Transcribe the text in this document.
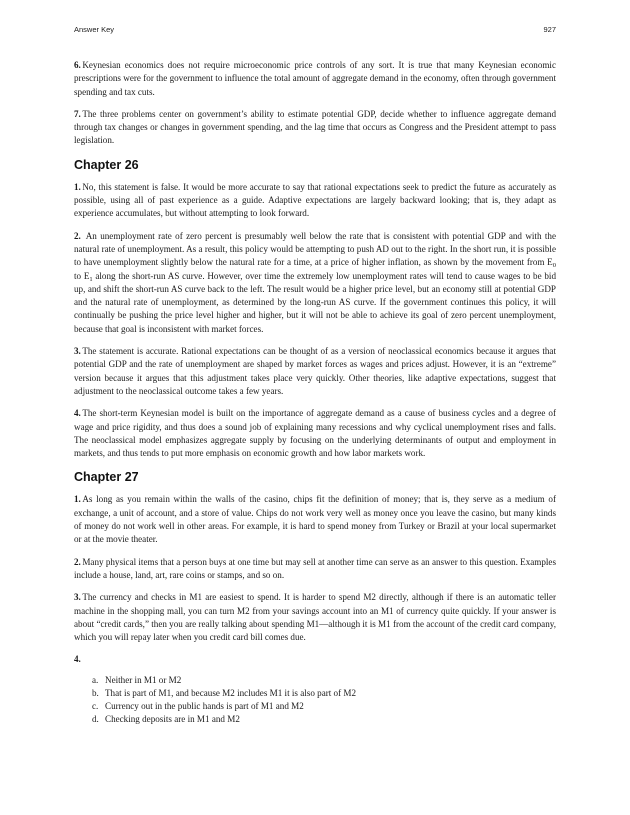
Answer Key	927

6. Keynesian economics does not require microeconomic price controls of any sort. It is true that many Keynesian economic prescriptions were for the government to influence the total amount of aggregate demand in the economy, often through government spending and tax cuts.

7. The three problems center on government’s ability to estimate potential GDP, decide whether to influence aggregate demand through tax changes or changes in government spending, and the lag time that occurs as Congress and the President attempt to pass legislation.

Chapter 26

1. No, this statement is false. It would be more accurate to say that rational expectations seek to predict the future as accurately as possible, using all of past experience as a guide. Adaptive expectations are largely backward looking; that is, they adapt as experience accumulates, but without attempting to look forward.

2. An unemployment rate of zero percent is presumably well below the rate that is consistent with potential GDP and with the natural rate of unemployment. As a result, this policy would be attempting to push AD out to the right. In the short run, it is possible to have unemployment slightly below the natural rate for a time, at a price of higher inflation, as shown by the movement from $E_0$ to $E_1$ along the short-run AS curve. However, over time the extremely low unemployment rates will tend to cause wages to be bid up, and shift the short-run AS curve back to the left. The result would be a higher price level, but an economy still at potential GDP and the natural rate of unemployment, as determined by the long-run AS curve. If the government continues this policy, it will continually be pushing the price level higher and higher, but it will not be able to achieve its goal of zero percent unemployment, because that goal is inconsistent with market forces.

3. The statement is accurate. Rational expectations can be thought of as a version of neoclassical economics because it argues that potential GDP and the rate of unemployment are shaped by market forces as wages and prices adjust. However, it is an “extreme” version because it argues that this adjustment takes place very quickly. Other theories, like adaptive expectations, suggest that adjustment to the neoclassical outcome takes a few years.

4. The short-term Keynesian model is built on the importance of aggregate demand as a cause of business cycles and a degree of wage and price rigidity, and thus does a sound job of explaining many recessions and why cyclical unemployment rises and falls. The neoclassical model emphasizes aggregate supply by focusing on the underlying determinants of output and employment in markets, and thus tends to put more emphasis on economic growth and how labor markets work.

Chapter 27

1. As long as you remain within the walls of the casino, chips fit the definition of money; that is, they serve as a medium of exchange, a unit of account, and a store of value. Chips do not work very well as money once you leave the casino, but many kinds of money do not work well in other areas. For example, it is hard to spend money from Turkey or Brazil at your local supermarket or at the movie theater.

2. Many physical items that a person buys at one time but may sell at another time can serve as an answer to this question. Examples include a house, land, art, rare coins or stamps, and so on.

3. The currency and checks in M1 are easiest to spend. It is harder to spend M2 directly, although if there is an automatic teller machine in the shopping mall, you can turn M2 from your savings account into an M1 of currency quite quickly. If your answer is about “credit cards,” then you are really talking about spending M1—although it is M1 from the account of the credit card company, which you will repay later when you credit card bill comes due.

4.

a. Neither in M1 or M2
b. That is part of M1, and because M2 includes M1 it is also part of M2
c. Currency out in the public hands is part of M1 and M2
d. Checking deposits are in M1 and M2
